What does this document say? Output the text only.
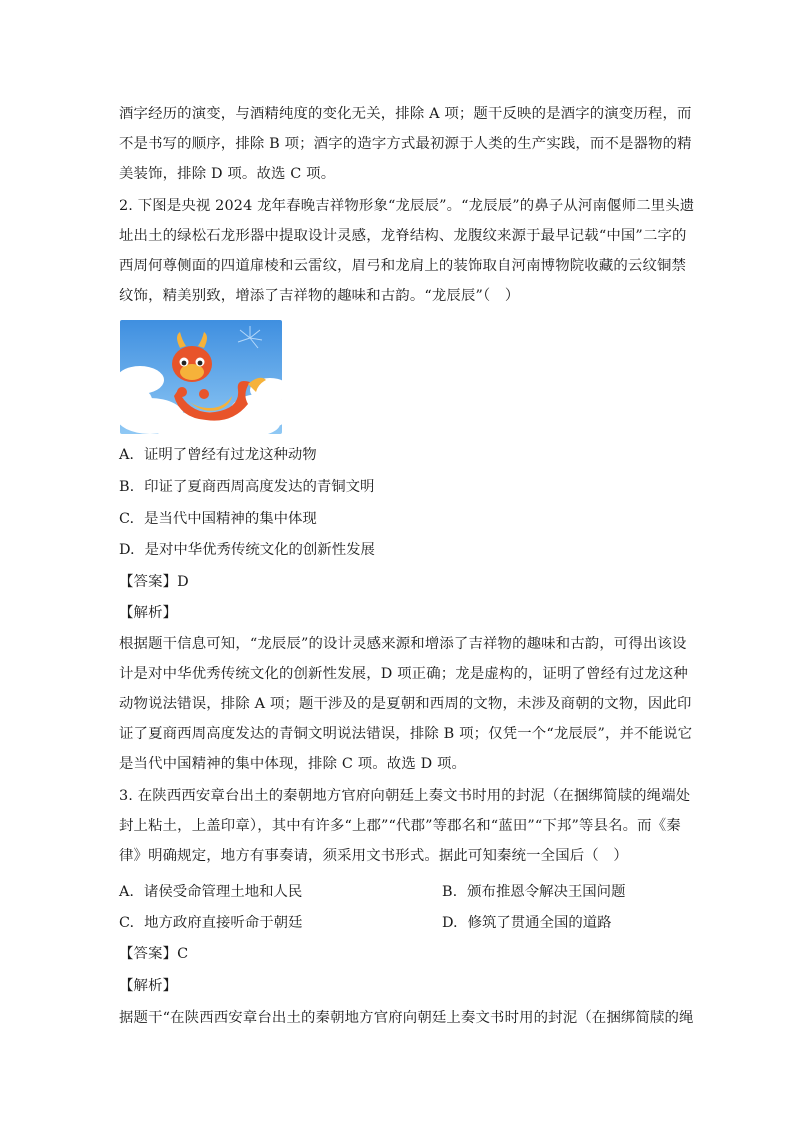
酒字经历的演变，与酒精纯度的变化无关，排除 A 项；题干反映的是酒字的演变历程，而
不是书写的顺序，排除 B 项；酒字的造字方式最初源于人类的生产实践，而不是器物的精
美装饰，排除 D 项。故选 C 项。
2. 下图是央视 2024 龙年春晚吉祥物形象“龙辰辰”。“龙辰辰”的鼻子从河南偃师二里头遗
址出土的绿松石龙形器中提取设计灵感，龙脊结构、龙腹纹来源于最早记载“中国”二字的
西周何尊侧面的四道扉棱和云雷纹，眉弓和龙肩上的装饰取自河南博物院收藏的云纹铜禁
纹饰，精美别致，增添了吉祥物的趣味和古韵。“龙辰辰”（　）
A. 证明了曾经有过龙这种动物
B. 印证了夏商西周高度发达的青铜文明
C. 是当代中国精神的集中体现
D. 是对中华优秀传统文化的创新性发展
【答案】D
【解析】
根据题干信息可知，“龙辰辰”的设计灵感来源和增添了吉祥物的趣味和古韵，可得出该设
计是对中华优秀传统文化的创新性发展，D 项正确；龙是虚构的，证明了曾经有过龙这种
动物说法错误，排除 A 项；题干涉及的是夏朝和西周的文物，未涉及商朝的文物，因此印
证了夏商西周高度发达的青铜文明说法错误，排除 B 项；仅凭一个“龙辰辰”，并不能说它
是当代中国精神的集中体现，排除 C 项。故选 D 项。
3. 在陕西西安章台出土的秦朝地方官府向朝廷上奏文书时用的封泥（在捆绑简牍的绳端处
封上粘土，上盖印章），其中有许多“上郡”“代郡”等郡名和“蓝田”“下邦”等县名。而《秦
律》明确规定，地方有事奏请，须采用文书形式。据此可知秦统一全国后（　）
A. 诸侯受命管理土地和人民	B. 颁布推恩令解决王国问题
C. 地方政府直接听命于朝廷	D. 修筑了贯通全国的道路
【答案】C
【解析】
据题干“在陕西西安章台出土的秦朝地方官府向朝廷上奏文书时用的封泥（在捆绑简牍的绳
